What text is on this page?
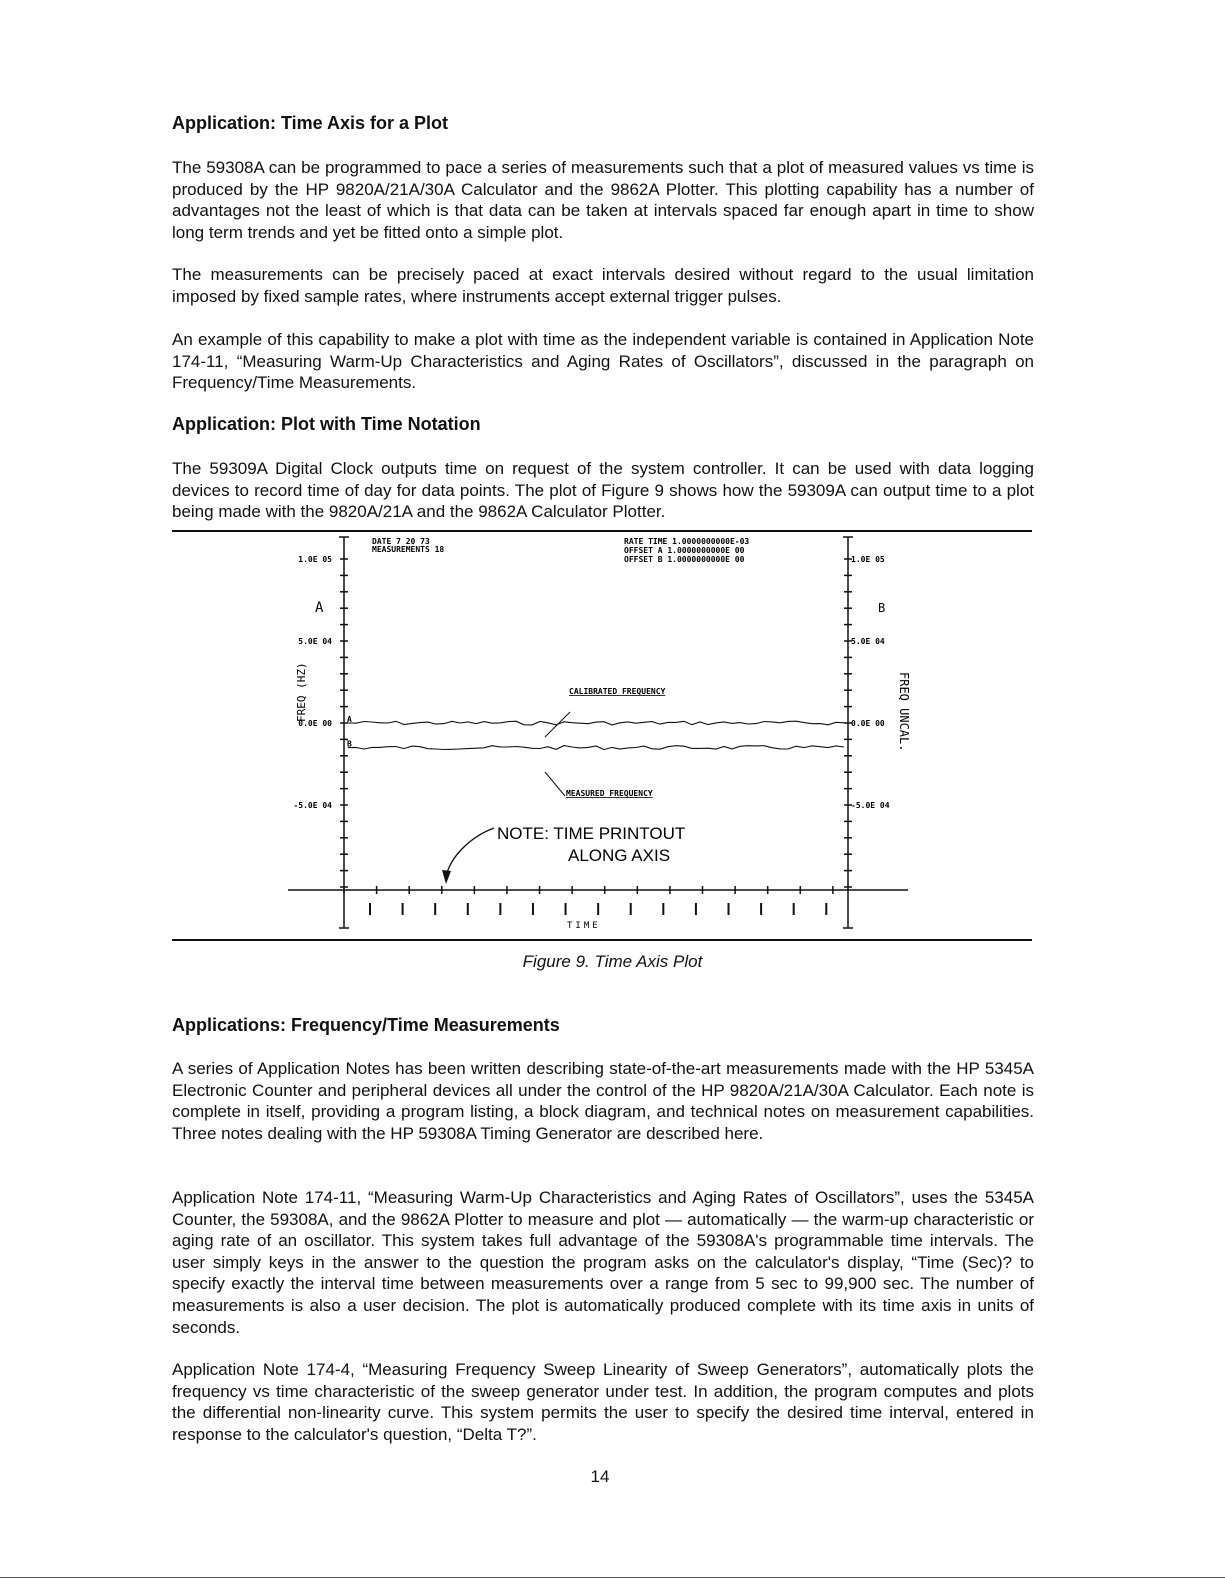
Application: Time Axis for a Plot

The 59308A can be programmed to pace a series of measurements such that a plot of measured values vs time is produced by the HP 9820A/21A/30A Calculator and the 9862A Plotter. This plotting capability has a number of advantages not the least of which is that data can be taken at intervals spaced far enough apart in time to show long term trends and yet be fitted onto a simple plot.

The measurements can be precisely paced at exact intervals desired without regard to the usual limitation imposed by fixed sample rates, where instruments accept external trigger pulses.

An example of this capability to make a plot with time as the independent variable is contained in Application Note 174-11, “Measuring Warm-Up Characteristics and Aging Rates of Oscillators”, discussed in the paragraph on Frequency/Time Measurements.

Application: Plot with Time Notation

The 59309A Digital Clock outputs time on request of the system controller. It can be used with data logging devices to record time of day for data points. The plot of Figure 9 shows how the 59309A can output time to a plot being made with the 9820A/21A and the 9862A Calculator Plotter.

1.0E 05	1.0E 05
5.0E 04	5.0E 04
0.0E 00	0.0E 00
-5.0E 04	-5.0E 04
A
B
DATE 7 20 73
MEASUREMENTS 18
RATE TIME 1.0000000000E-03
OFFSET A 1.0000000000E 00
OFFSET B 1.0000000000E 00
A	B
FREQ (HZ)	FREQ UNCAL.
CALIBRATED FREQUENCY
MEASURED FREQUENCY
NOTE: TIME PRINTOUT
ALONG AXIS
TIME
Figure 9. Time Axis Plot
Applications: Frequency/Time Measurements

A series of Application Notes has been written describing state-of-the-art measurements made with the HP 5345A Electronic Counter and peripheral devices all under the control of the HP 9820A/21A/30A Calculator. Each note is complete in itself, providing a program listing, a block diagram, and technical notes on measurement capabilities. Three notes dealing with the HP 59308A Timing Generator are described here.

Application Note 174-11, “Measuring Warm-Up Characteristics and Aging Rates of Oscillators”, uses the 5345A Counter, the 59308A, and the 9862A Plotter to measure and plot — automatically — the warm-up characteristic or aging rate of an oscillator. This system takes full advantage of the 59308A's programmable time intervals. The user simply keys in the answer to the question the program asks on the calculator's display, “Time (Sec)? to specify exactly the interval time between measurements over a range from 5 sec to 99,900 sec. The number of measurements is also a user decision. The plot is automatically produced complete with its time axis in units of seconds.

Application Note 174-4, “Measuring Frequency Sweep Linearity of Sweep Generators”, automatically plots the frequency vs time characteristic of the sweep generator under test. In addition, the program computes and plots the differential non-linearity curve. This system permits the user to specify the desired time interval, entered in response to the calculator's question, “Delta T?”.

14
